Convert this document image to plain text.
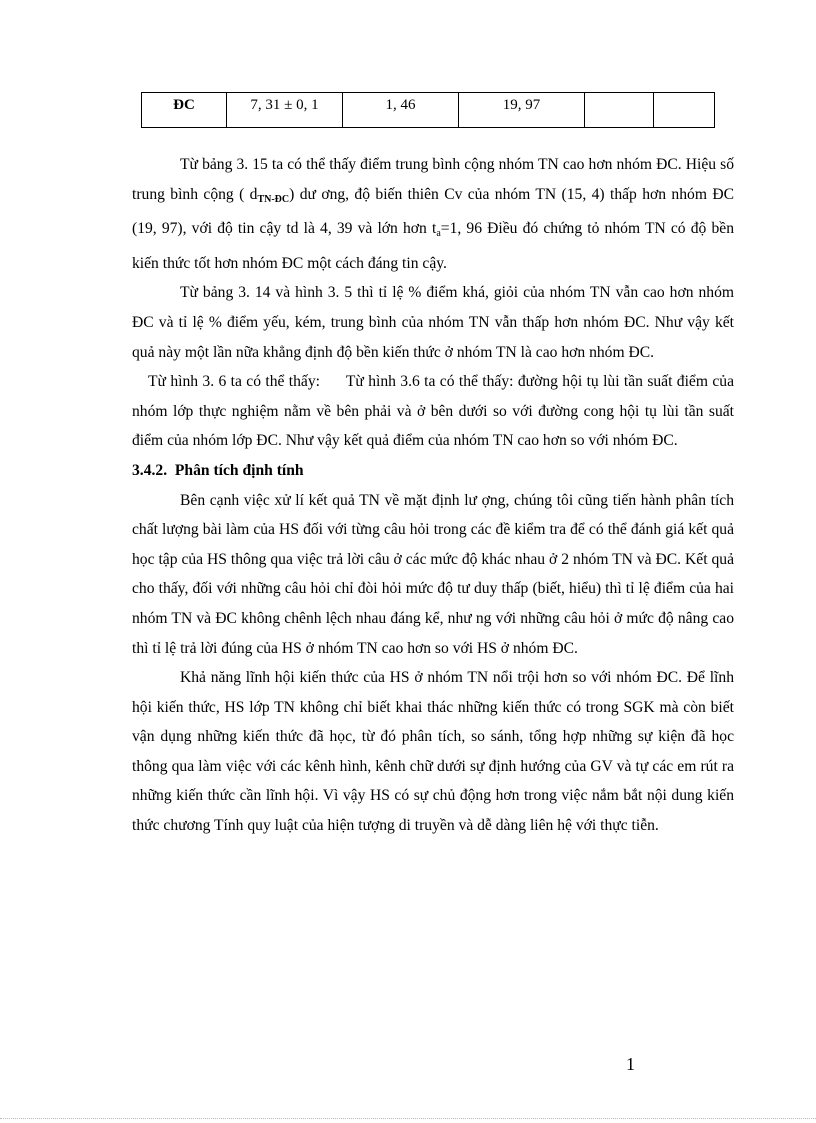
ĐC	7, 31 ± 0, 1	1, 46	19, 97		

Từ bảng 3. 15 ta có thể thấy điểm trung bình cộng nhóm TN cao hơn nhóm ĐC. Hiệu số trung bình cộng ( dTN-ĐC) dư ơng, độ biến thiên Cv của nhóm TN (15, 4) thấp hơn nhóm ĐC (19, 97), với độ tin cậy td là 4, 39 và lớn hơn $t_a=1$, 96 Điều đó chứng tỏ nhóm TN có độ bền kiến thức tốt hơn nhóm ĐC một cách đáng tin cậy.

Từ bảng 3. 14 và hình 3. 5 thì tỉ lệ % điểm khá, giỏi của nhóm TN vẫn cao hơn nhóm ĐC và tỉ lệ % điểm yếu, kém, trung bình của nhóm TN vẫn thấp hơn nhóm ĐC. Như vậy kết quả này một lần nữa khẳng định độ bền kiến thức ở nhóm TN là cao hơn nhóm ĐC.

Từ hình 3. 6 ta có thể thấy:      Từ hình 3.6 ta có thể thấy: đường hội tụ lùi tần suất điểm của nhóm lớp thực nghiệm nằm về bên phải và ở bên dưới so với đường cong hội tụ lùi tần suất điểm của nhóm lớp ĐC. Như vậy kết quả điểm của nhóm TN cao hơn so với nhóm ĐC.

3.4.2.  Phân tích định tính

Bên cạnh việc xử lí kết quả TN về mặt định lư ợng, chúng tôi cũng tiến hành phân tích chất lượng bài làm của HS đối với từng câu hỏi trong các đề kiểm tra để có thể đánh giá kết quả học tập của HS thông qua việc trả lời câu ở các mức độ khác nhau ở 2 nhóm TN và ĐC. Kết quả cho thấy, đối với những câu hỏi chỉ đòi hỏi mức độ tư duy thấp (biết, hiểu) thì tỉ lệ điểm của hai nhóm TN và ĐC không chênh lệch nhau đáng kể, như ng với những câu hỏi ở mức độ nâng cao thì tỉ lệ trả lời đúng của HS ở nhóm TN cao hơn so với HS ở nhóm ĐC.

Khả năng lĩnh hội kiến thức của HS ở nhóm TN nổi trội hơn so với nhóm ĐC. Để lĩnh hội kiến thức, HS lớp TN không chỉ biết khai thác những kiến thức có trong SGK mà còn biết vận dụng những kiến thức đã học, từ đó phân tích, so sánh, tổng hợp những sự kiện đã học thông qua làm việc với các kênh hình, kênh chữ dưới sự định hướng của GV và tự các em rút ra những kiến thức cần lĩnh hội. Vì vậy HS có sự chủ động hơn trong việc nắm bắt nội dung kiến thức chương Tính quy luật của hiện tượng di truyền và dễ dàng liên hệ với thực tiễn.

1
